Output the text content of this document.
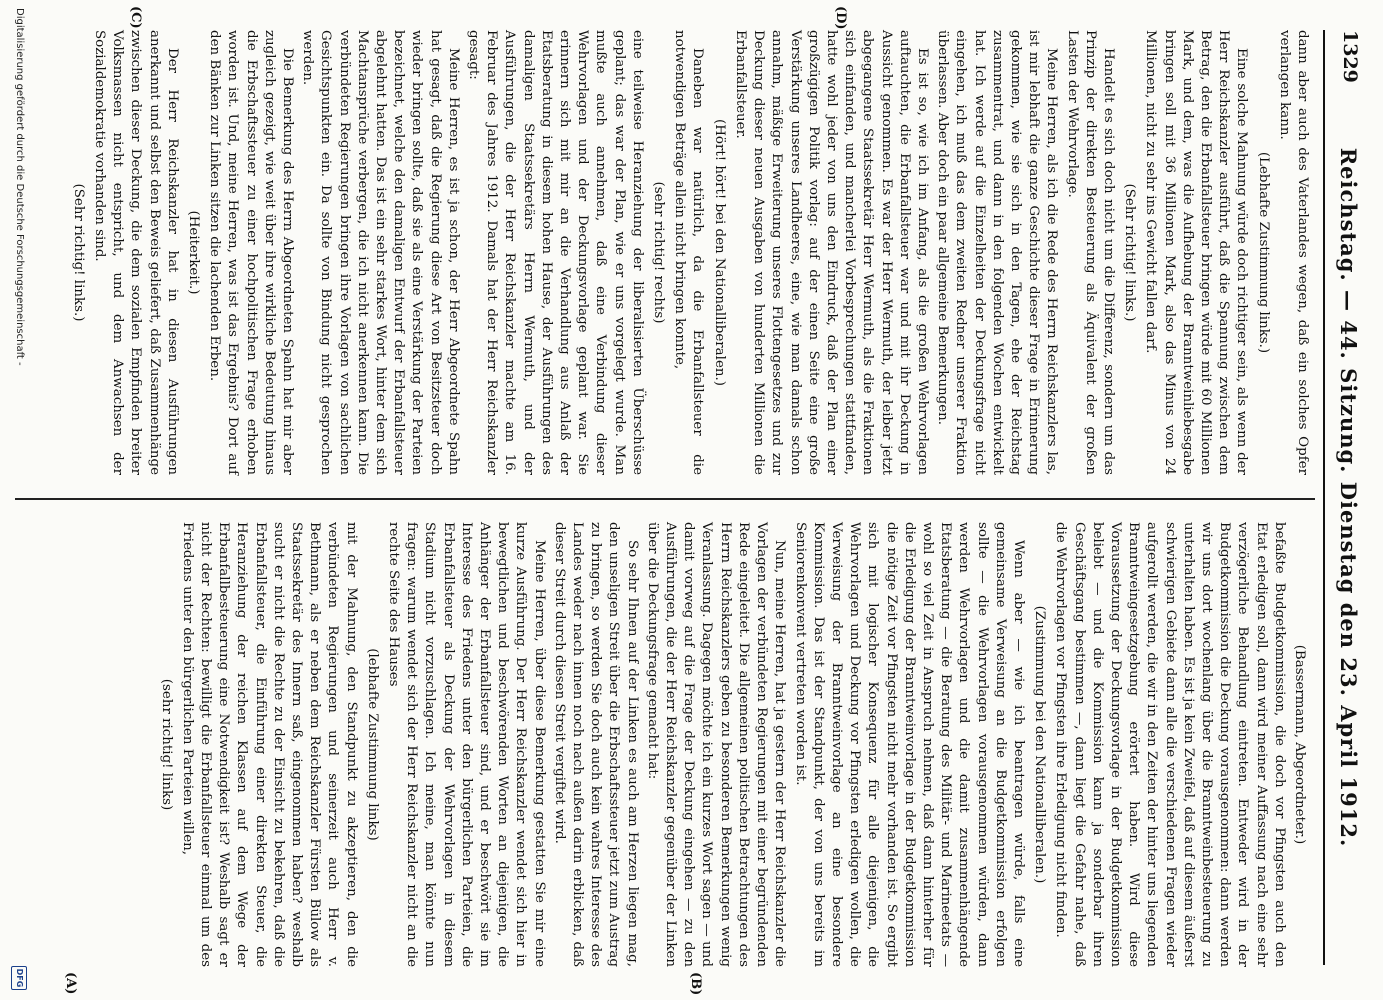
Reichstag. — 44. Sitzung. Dienstag den 23. April 1912.
1329
(C)	(D)
(A)	(B)

dann aber auch des Vaterlandes wegen, daß ein solches Opfer verlangen kann.

(Lebhafte Zustimmung links.)

Eine solche Mahnung würde doch richtiger sein, als wenn der Herr Reichskanzler ausführt, daß die Spannung zwischen dem Betrag, den die Erbanfallsteuer bringen würde mit 60 Millionen Mark, und dem, was die Aufhebung der Branntweinliebesgabe bringen soll mit 36 Millionen Mark, also das Minus von 24 Millionen, nicht zu sehr ins Gewicht fallen darf.

(Sehr richtig! links.)

Handelt es sich doch nicht um die Differenz, sondern um das Prinzip der direkten Besteuerung als Äquivalent der großen Lasten der Wehrvorlage.

Meine Herren, als ich die Rede des Herrn Reichskanzlers las, ist mir lebhaft die ganze Geschichte dieser Frage in Erinnerung gekommen, wie sie sich in den Tagen, ehe der Reichstag zusammentrat, und dann in den folgenden Wochen entwickelt hat. Ich werde auf die Einzelheiten der Deckungsfrage nicht eingehen, ich muß das dem zweiten Redner unserer Fraktion überlassen. Aber doch ein paar allgemeine Bemerkungen.

Es ist so, wie ich im Anfang, als die großen Wehrvorlagen auftauchten, die Erbanfallsteuer war und mit ihr Deckung in Aussicht genommen. Es war der Herr Wermuth, der leiber jetzt abgegangene Staatssekretär Herr Wermuth, als die Fraktionen sich einfanden, und mancherlei Vorbesprechungen stattfanden, hatte wohl jeder von uns den Eindruck, daß der Plan einer großzügigen Politik vorlag: auf der einen Seite eine große Verstärkung unseres Landheeres, eine, wie man damals schon annahm, mäßige Erweiterung unseres Flottengesetzes und zur Deckung dieser neuen Ausgaben von hunderten Millionen die Erbanfallsteuer.

(Hört! hört! bei den Nationalliberalen.)

Daneben war natürlich, da die Erbanfallsteuer die notwendigen Beträge allein nicht bringen konnte,

(sehr richtig! rechts)

eine teilweise Heranziehung der liberalisierten Überschüsse geplant; das war der Plan, wie er uns vorgelegt wurde. Man mußte auch annehmen, daß eine Verbindung dieser Wehrvorlagen und der Deckungsvorlage geplant war. Sie erinnern sich mit mir an die Verhandlung aus Anlaß der Etatsberatung in diesem hohen Hause, der Ausführungen des damaligen Staatssekretärs Herrn Wermuth, und der Ausführungen, die der Herr Reichskanzler machte am 16. Februar des Jahres 1912. Damals hat der Herr Reichskanzler gesagt:

Meine Herren, es ist ja schon, der Herr Abgeordnete Spahn hat gesagt, daß die Regierung diese Art von Besitzsteuer doch wieder bringen sollte, daß sie als eine Verstärkung der Parteien bezeichnet, welche den damaligen Entwurf der Erbanfallsteuer abgelehnt hatten. Das ist ein sehr starkes Wort, hinter dem sich Machtansprüche verbergen, die ich nicht anerkennen kann. Die verbündeten Regierungen bringen ihre Vorlagen von sachlichen Gesichtspunkten ein. Da sollte von Bindung nicht gesprochen werden.

Die Bemerkung des Herrn Abgeordneten Spahn hat mir aber zugleich gezeigt, wie weit über ihre wirkliche Bedeutung hinaus die Erbschaftssteuer zu einer hochpolitischen Frage erhoben worden ist. Und, meine Herren, was ist das Ergebnis? Dort auf den Bänken zur Linken sitzen die lachenden Erben.

(Heiterkeit.)

Der Herr Reichskanzler hat in diesen Ausführungen anerkannt und selbst den Beweis geliefert, daß Zusammenhänge zwischen dieser Deckung, die dem sozialen Empfinden breiter Volksmassen nicht entspricht, und dem Anwachsen der Sozialdemokratie vorhanden sind.

(Sehr richtig! links.)

(Bassermann, Abgeordneter.)

befaßte Budgetkommission, die doch vor Pfingsten auch den Etat erledigen soll, dann wird meiner Auffassung nach eine sehr verzögerliche Behandlung eintreten. Entweder wird in der Budgetkommission die Deckung vorausgenommen: dann werden wir uns dort wochenlang über die Branntweinbesteuerung zu unterhalten haben. Es ist ja kein Zweifel, daß auf diesem äußerst schwierigen Gebiete dann alle die verschiedenen Fragen wieder aufgerollt werden, die wir in den Zeiten der hinter uns liegenden Branntweingesetzgebung erörtert haben. Wird diese Voraussetzung der Deckungsvorlage in der Budgetkommission beliebt — und die Kommission kann ja sonderbar ihren Geschäftsgang bestimmen —, dann liegt die Gefahr nahe, daß die Wehrvorlagen vor Pfingsten ihre Erledigung nicht finden.

(Zustimmung bei den Nationalliberalen.)

Wenn aber — wie ich beantragen würde, falls eine gemeinsame Verweisung an die Budgetkommission erfolgen sollte — die Wehrvorlagen vorausgenommen würden, dann werden Wehrvorlagen und die damit zusammenhängende Etatsberatung — die Beratung des Militär- und Marineetats — wohl so viel Zeit in Anspruch nehmen, daß dann hinterher für die Erledigung der Branntweinvorlage in der Budgetkommission die nötige Zeit vor Pfingsten nicht mehr vorhanden ist. So ergibt sich mit logischer Konsequenz für alle diejenigen, die Wehrvorlagen und Deckung vor Pfingsten erledigen wollen, die Verweisung der Branntweinvorlage an eine besondere Kommission. Das ist der Standpunkt, der von uns bereits im Seniorenkonvent vertreten worden ist.

Nun, meine Herren, hat ja gestern der Herr Reichskanzler die Vorlagen der verbündeten Regierungen mit einer begründenden Rede eingeleitet. Die allgemeinen politischen Betrachtungen des Herrn Reichskanzlers geben zu besonderen Bemerkungen wenig Veranlassung. Dagegen möchte ich ein kurzes Wort sagen — und damit vorweg auf die Frage der Deckung eingehen — zu den Ausführungen, die der Herr Reichskanzler gegenüber der Linken über die Deckungsfrage gemacht hat:

So sehr Ihnen auf der Linken es auch am Herzen liegen mag, den unseligen Streit über die Erbschaftssteuer jetzt zum Austrag zu bringen, so werden Sie doch auch kein wahres Interesse des Landes weder nach innen noch nach außen darin erblicken, daß dieser Streit durch diesen Streit vergiftet wird.

Meine Herren, über diese Bemerkung gestatten Sie mir eine kurze Ausführung. Der Herr Reichskanzler wendet sich hier in bewegtlichen und beschwörenden Worten an diejenigen, die Anhänger der Erbanfallsteuer sind, und er beschwört sie im Interesse des Friedens unter den bürgerlichen Parteien, die Erbanfallsteuer als Deckung der Wehrvorlagen in diesem Stadium nicht vorzuschlagen. Ich meine, man könnte nun fragen: warum wendet sich der Herr Reichskanzler nicht an die rechte Seite des Hauses

(lebhafte Zustimmung links)

mit der Mahnung, den Standpunkt zu akzeptieren, den die verbündeten Regierungen und seinerzeit auch Herr v. Bethmann, als er neben dem Reichskanzler Fürsten Bülow als Staatssekretär des Innern saß, eingenommen haben? weshalb sucht er nicht die Rechte zu der Einsicht zu bekehren, daß die Erbanfallsteuer, die Einführung einer direkten Steuer, die Heranziehung der reichen Klassen auf dem Wege der Erbanfallbesteuerung eine Notwendigkeit ist? Weshalb sagt er nicht der Rechten: bewilligt die Erbanfallsteuer einmal um des Friedens unter den bürgerlichen Parteien willen,

(sehr richtig! links)

Digitalisierung gefördert durch die Deutsche Forschungsgemeinschaft -
DFG
